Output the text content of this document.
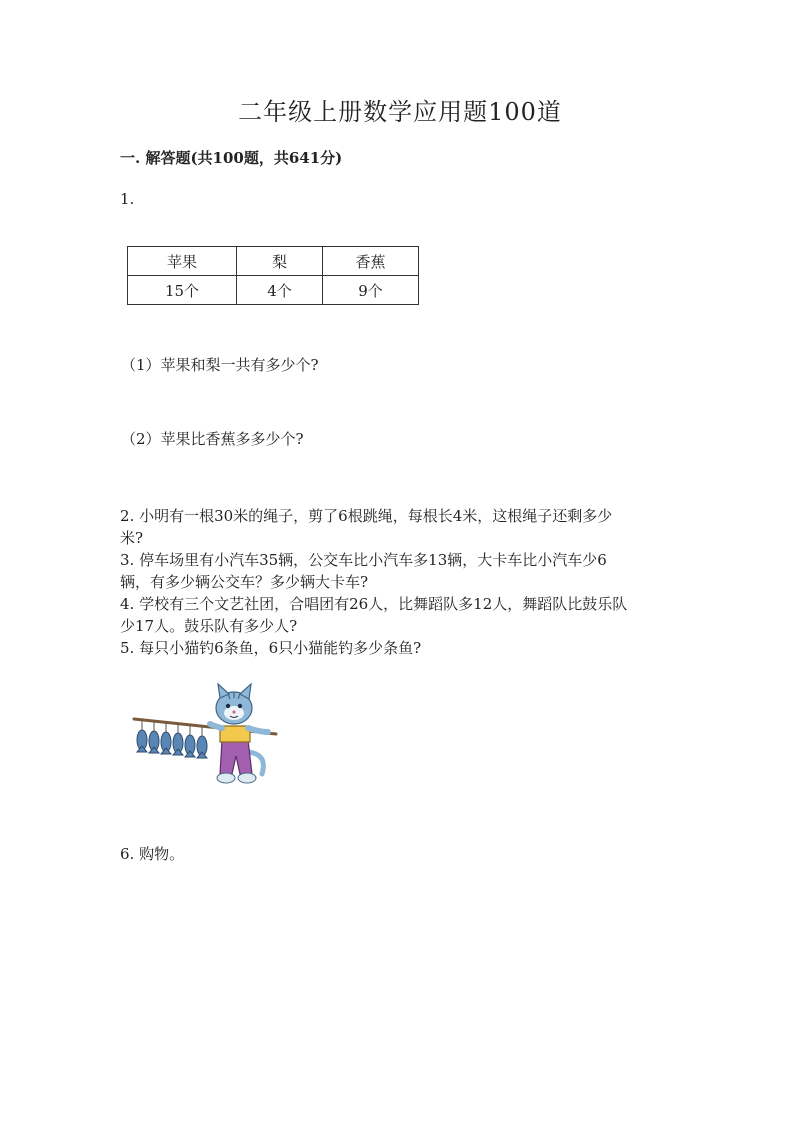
二年级上册数学应用题100道
一. 解答题(共100题，共641分)
1.
苹果	梨	香蕉
15个	4个	9个
（1）苹果和梨一共有多少个?
（2）苹果比香蕉多多少个?
2. 小明有一根30米的绳子，剪了6根跳绳，每根长4米，这根绳子还剩多少
米?
3. 停车场里有小汽车35辆，公交车比小汽车多13辆，大卡车比小汽车少6
辆，有多少辆公交车？多少辆大卡车?
4. 学校有三个文艺社团，合唱团有26人，比舞蹈队多12人，舞蹈队比鼓乐队
少17人。鼓乐队有多少人?
5. 每只小猫钓6条鱼，6只小猫能钓多少条鱼?
6. 购物。
